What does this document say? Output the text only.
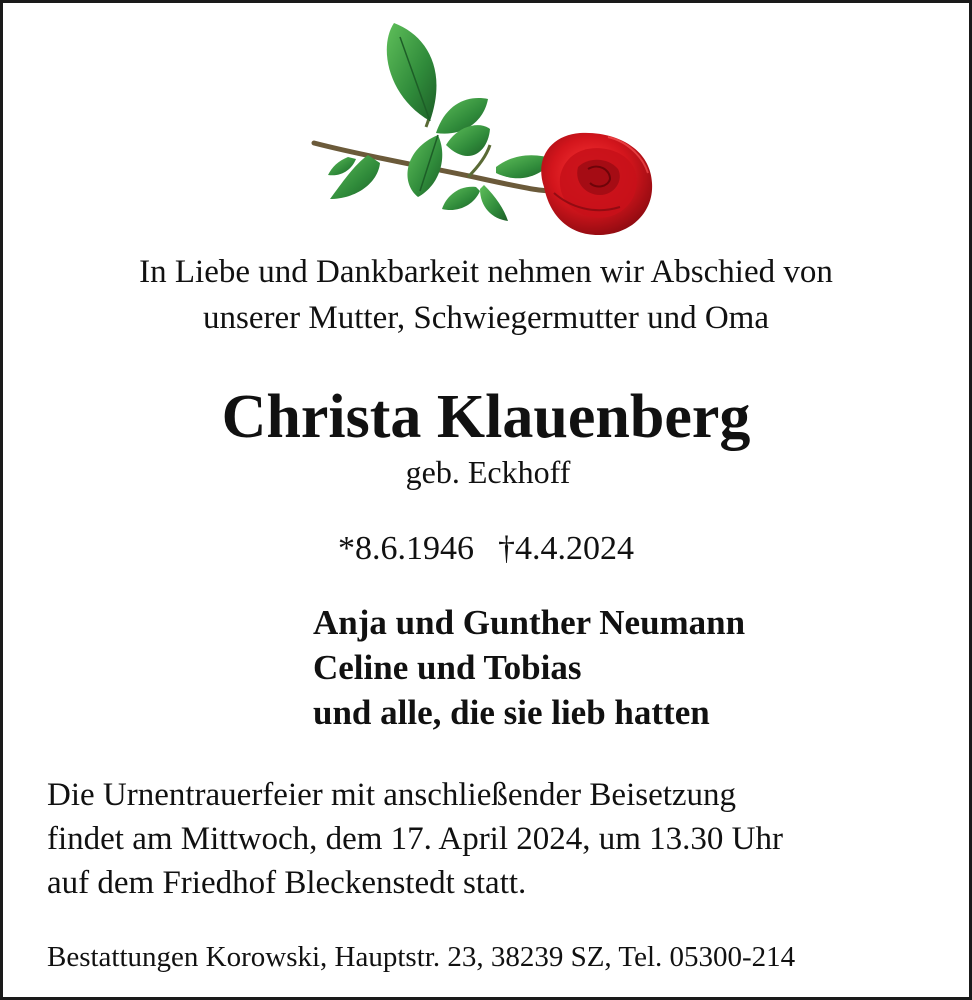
In Liebe und Dankbarkeit nehmen wir Abschied von
unserer Mutter, Schwiegermutter und Oma
Christa Klauenberg
geb. Eckhoff
*8.6.1946 †4.4.2024
Anja und Gunther Neumann
Celine und Tobias
und alle, die sie lieb hatten
Die Urnentrauerfeier mit anschließender Beisetzung
findet am Mittwoch, dem 17. April 2024, um 13.30 Uhr
auf dem Friedhof Bleckenstedt statt.
Bestattungen Korowski, Hauptstr. 23, 38239 SZ, Tel. 05300-214
